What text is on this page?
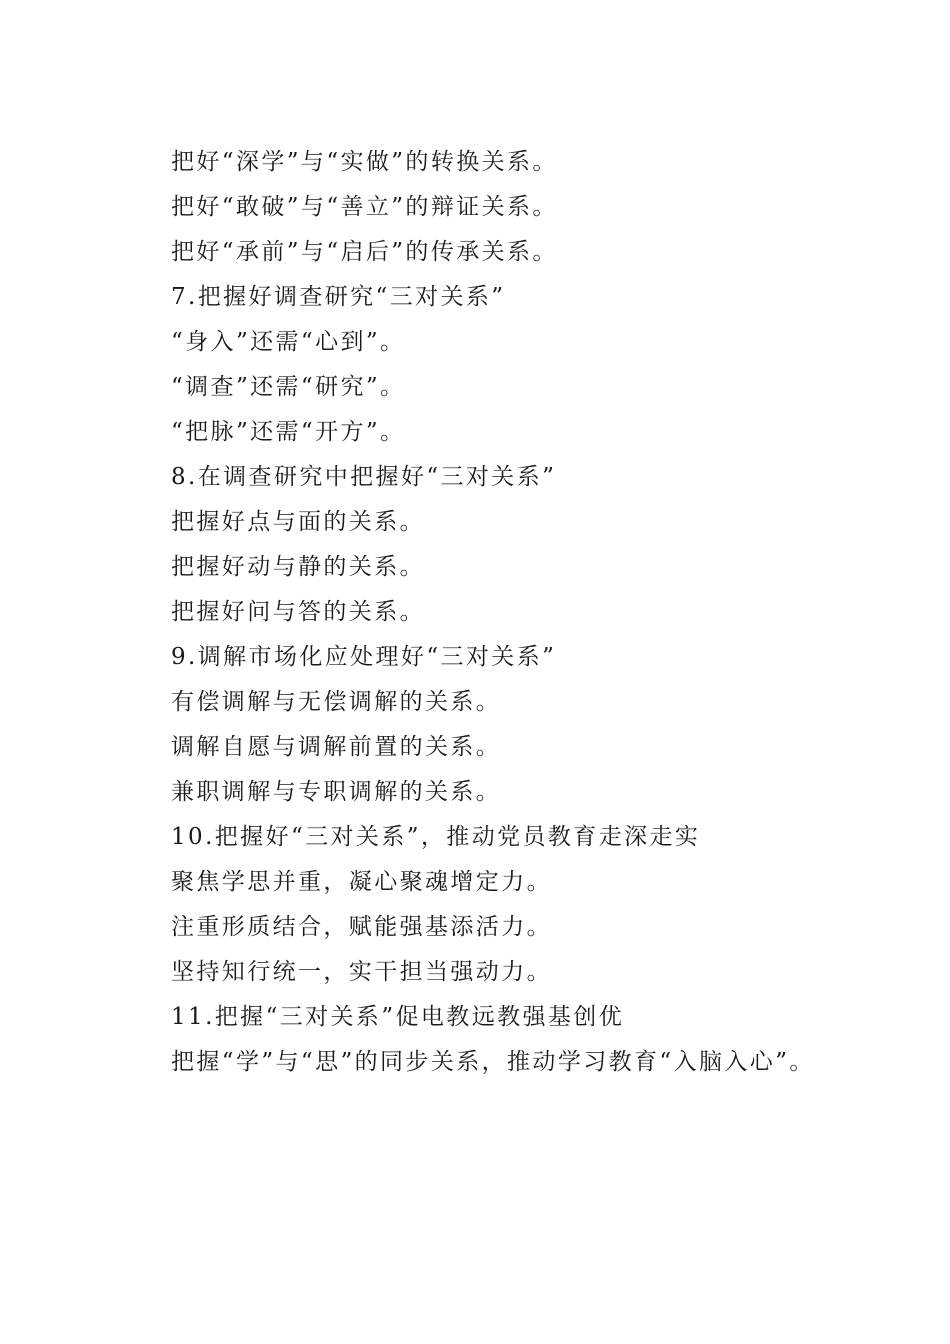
把好“深学”与“实做”的转换关系。
把好“敢破”与“善立”的辩证关系。
把好“承前”与“启后”的传承关系。
7.把握好调查研究“三对关系”
“身入”还需“心到”。
“调查”还需“研究”。
“把脉”还需“开方”。
8.在调查研究中把握好“三对关系”
把握好点与面的关系。
把握好动与静的关系。
把握好问与答的关系。
9.调解市场化应处理好“三对关系”
有偿调解与无偿调解的关系。
调解自愿与调解前置的关系。
兼职调解与专职调解的关系。
10.把握好“三对关系”，推动党员教育走深走实
聚焦学思并重，凝心聚魂增定力。
注重形质结合，赋能强基添活力。
坚持知行统一，实干担当强动力。
11.把握“三对关系”促电教远教强基创优
把握“学”与“思”的同步关系，推动学习教育“入脑入心”。
